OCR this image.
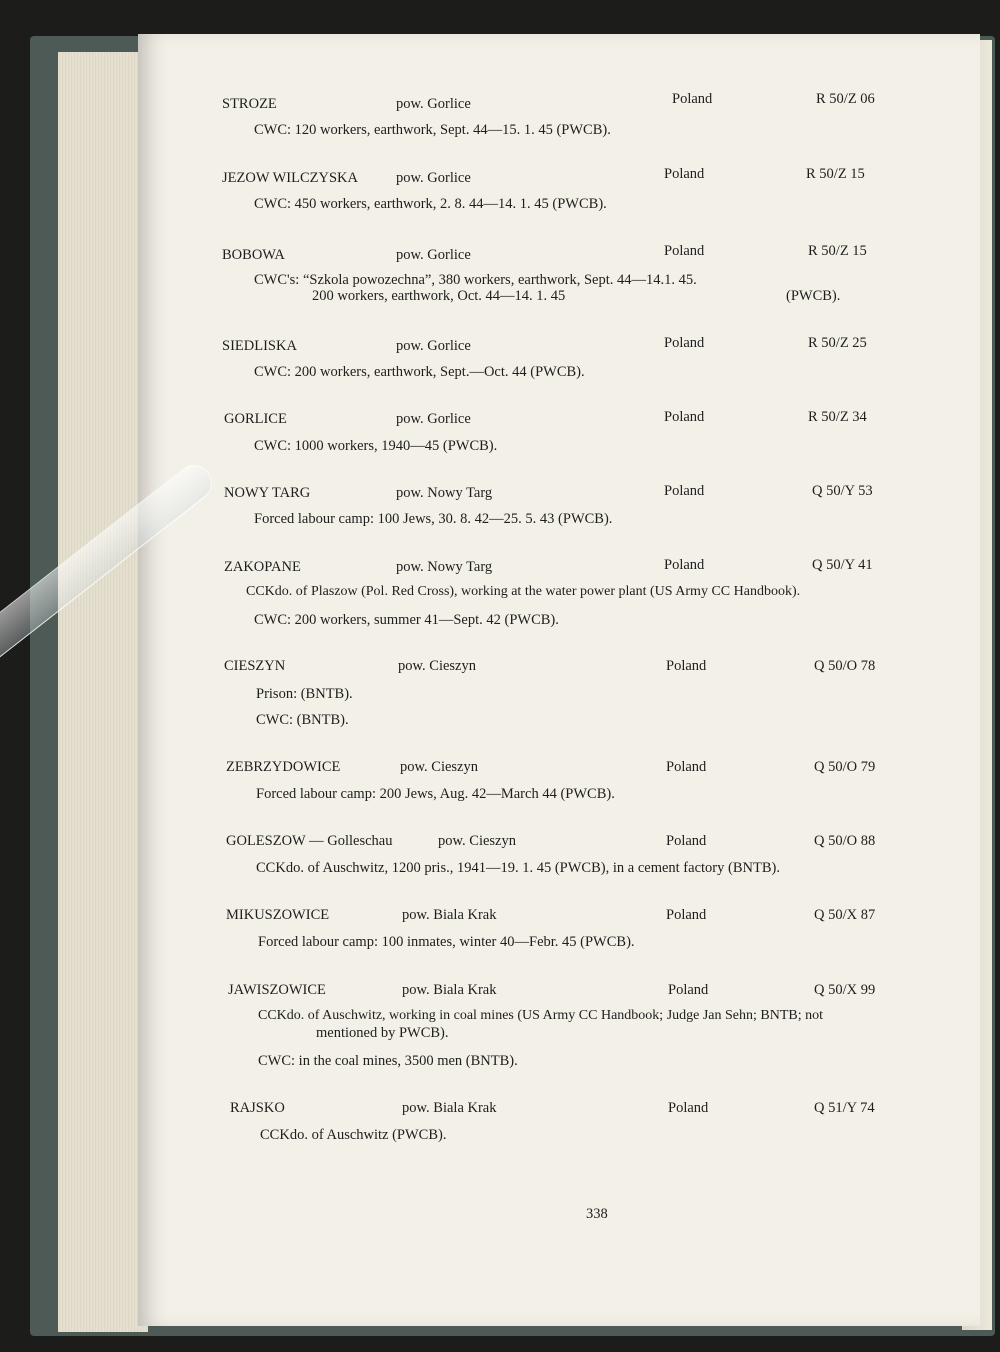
STROZE	pow. Gorlice	Poland	R 50/Z 06
CWC: 120 workers, earthwork, Sept. 44—15. 1. 45 (PWCB).
JEZOW WILCZYSKA	pow. Gorlice	Poland	R 50/Z 15
CWC: 450 workers, earthwork, 2. 8. 44—14. 1. 45 (PWCB).
BOBOWA	pow. Gorlice	Poland	R 50/Z 15
CWC's: “Szkola powozechna”, 380 workers, earthwork, Sept. 44—14.1. 45.
200 workers, earthwork, Oct. 44—14. 1. 45	(PWCB).
SIEDLISKA	pow. Gorlice	Poland	R 50/Z 25
CWC: 200 workers, earthwork, Sept.—Oct. 44 (PWCB).
GORLICE	pow. Gorlice	Poland	R 50/Z 34
CWC: 1000 workers, 1940—45 (PWCB).
NOWY TARG	pow. Nowy Targ	Poland	Q 50/Y 53
Forced labour camp: 100 Jews, 30. 8. 42—25. 5. 43 (PWCB).
ZAKOPANE	pow. Nowy Targ	Poland	Q 50/Y 41
CCKdo. of Plaszow (Pol. Red Cross), working at the water power plant (US Army CC Handbook).
CWC: 200 workers, summer 41—Sept. 42 (PWCB).
CIESZYN	pow. Cieszyn	Poland	Q 50/O 78
Prison: (BNTB).
CWC: (BNTB).
ZEBRZYDOWICE	pow. Cieszyn	Poland	Q 50/O 79
Forced labour camp: 200 Jews, Aug. 42—March 44 (PWCB).
GOLESZOW — Golleschau	pow. Cieszyn	Poland	Q 50/O 88
CCKdo. of Auschwitz, 1200 pris., 1941—19. 1. 45 (PWCB), in a cement factory (BNTB).
MIKUSZOWICE	pow. Biala Krak	Poland	Q 50/X 87
Forced labour camp: 100 inmates, winter 40—Febr. 45 (PWCB).
JAWISZOWICE	pow. Biala Krak	Poland	Q 50/X 99
CCKdo. of Auschwitz, working in coal mines (US Army CC Handbook; Judge Jan Sehn; BNTB; not
mentioned by PWCB).
CWC: in the coal mines, 3500 men (BNTB).
RAJSKO	pow. Biala Krak	Poland	Q 51/Y 74
CCKdo. of Auschwitz (PWCB).
338
